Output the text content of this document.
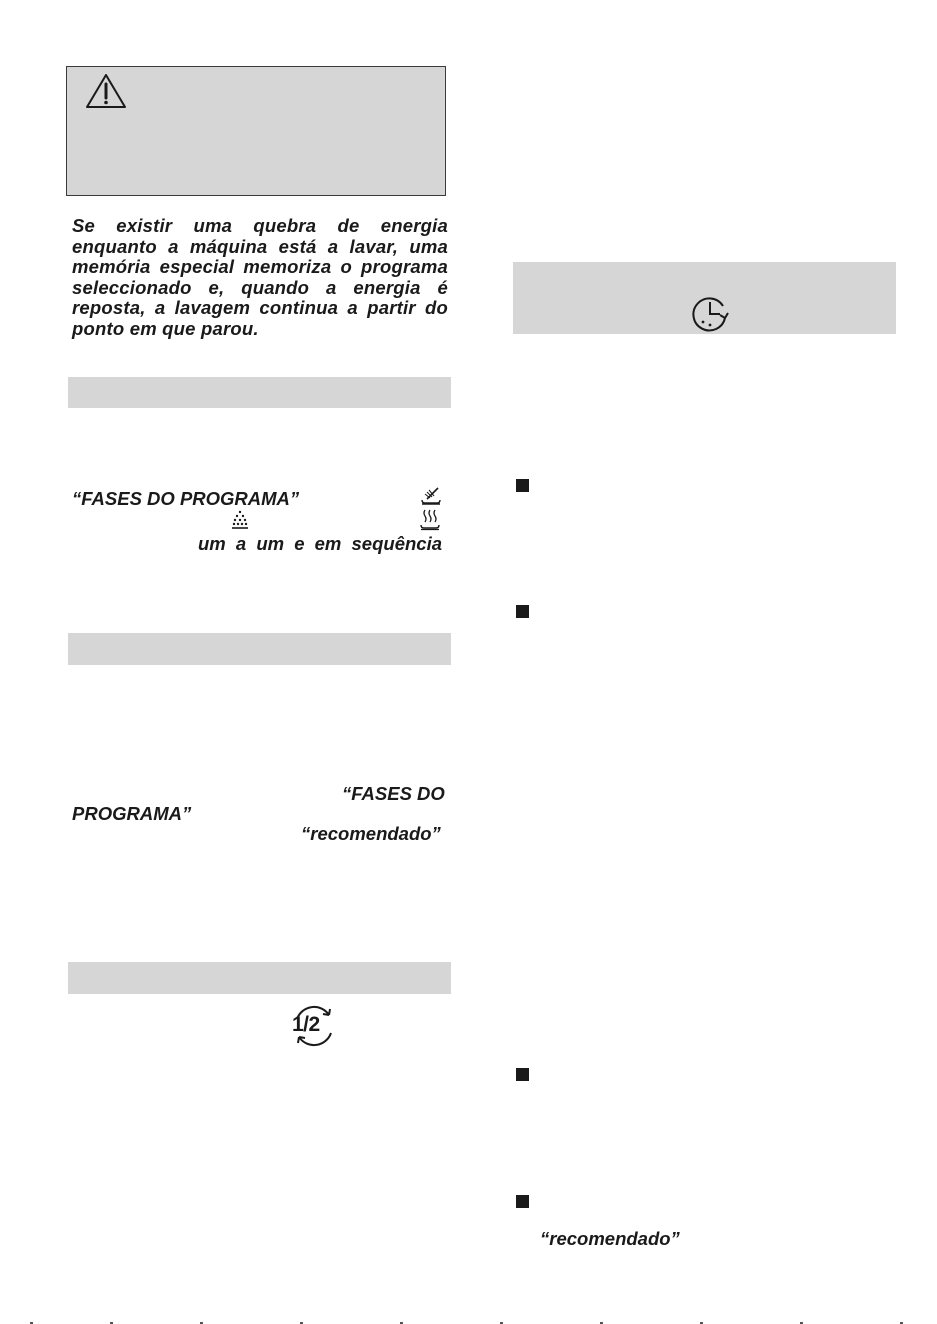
Se existir uma quebra de energia enquanto a máquina está a lavar, uma memória especial memoriza o programa seleccionado e, quando a energia é reposta, a lavagem continua a partir do ponto em que parou.

“FASES DO PROGRAMA”
um a um e em sequência
“FASES DO
PROGRAMA”
“recomendado”
1/2
“recomendado”
